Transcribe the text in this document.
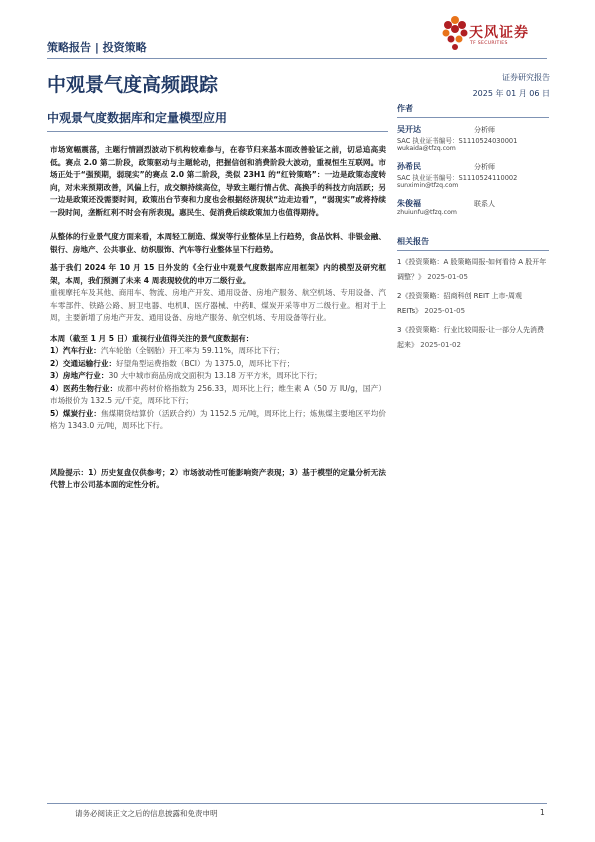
策略报告 | 投资策略
天风证券
TF SECURITIES
中观景气度高频跟踪	证券研究报告
2025 年 01 月 06 日
中观景气度数据库和定量模型应用

市场宽幅震荡，主题行情剧烈波动下机构较难参与，在春节归来基本面改善验证之前，切忌追高卖低。赛点 2.0 第二阶段，政策驱动与主题轮动，把握信创和消费阶段大波动，重视恒生互联网。市场正处于“强预期，弱现实”的赛点 2.0 第二阶段，类似 23H1 的“红铃策略”：一边是政策态度转向，对未来预期改善，风偏上行，成交额持续高位，导致主题行情占优、高换手的科技方向活跃；另一边是政策还没需要时间，政策出台节奏和力度也会根据经济现状“边走边看”，“弱现实”或将持续一段时间，垄断红利不时会有所表现。惠民生、促消费后续政策加力也值得期待。

从整体的行业景气度方面来看，本周轻工制造、煤炭等行业整体呈上行趋势，食品饮料、非银金融、银行、房地产、公共事业、纺织服饰、汽车等行业整体呈下行趋势。

基于我们 2024 年 10 月 15 日外发的《全行业中观景气度数据库应用框架》内的模型及研究框架，本周，我们预测了未来 4 周表现较优的申万二级行业。

重视摩托车及其他、商用车、物流、房地产开发、通用设备、房地产服务、航空机场、专用设备、汽车零部件、铁路公路、厨卫电器、电机Ⅱ、医疗器械、中药Ⅱ、煤炭开采等申万二级行业。相对于上周，主要新增了房地产开发、通用设备、房地产服务、航空机场、专用设备等行业。

本周（截至 1 月 5 日）重视行业值得关注的景气度数据有：

1）汽车行业：汽车轮胎（全钢胎）开工率为 59.11%，周环比下行；

2）交通运输行业：好望角型运费指数（BCI）为 1375.0，周环比下行；

3）房地产行业：30 大中城市商品房成交面积为 13.18 万平方米，周环比下行；

4）医药生物行业：成都中药材价格指数为 256.33，周环比上行；维生素 A（50 万 IU/g，国产）市场报价为 132.5 元/千克，周环比下行；

5）煤炭行业：焦煤期货结算价（活跃合约）为 1152.5 元/吨，周环比上行；炼焦煤主要地区平均价格为 1343.0 元/吨，周环比下行。

风险提示：1）历史复盘仅供参考；2）市场波动性可能影响资产表现；3）基于模型的定量分析无法代替上市公司基本面的定性分析。

作者
吴开达	分析师
SAC 执业证书编号：S1110524030001
wukaida@tfzq.com
孙希民	分析师
SAC 执业证书编号：S1110524110002
sunximin@tfzq.com
朱俊福	联系人
zhuiunfu@tfzq.com
相关报告
1《投资策略：A 股策略周报-如何看待 A 股开年调整？》 2025-01-05
2《投资策略：招商科创 REIT 上市-周观 REITs》 2025-01-05
3《投资策略：行业比较周报-让一部分人先消费起来》 2025-01-02
请务必阅读正文之后的信息披露和免责申明	1
